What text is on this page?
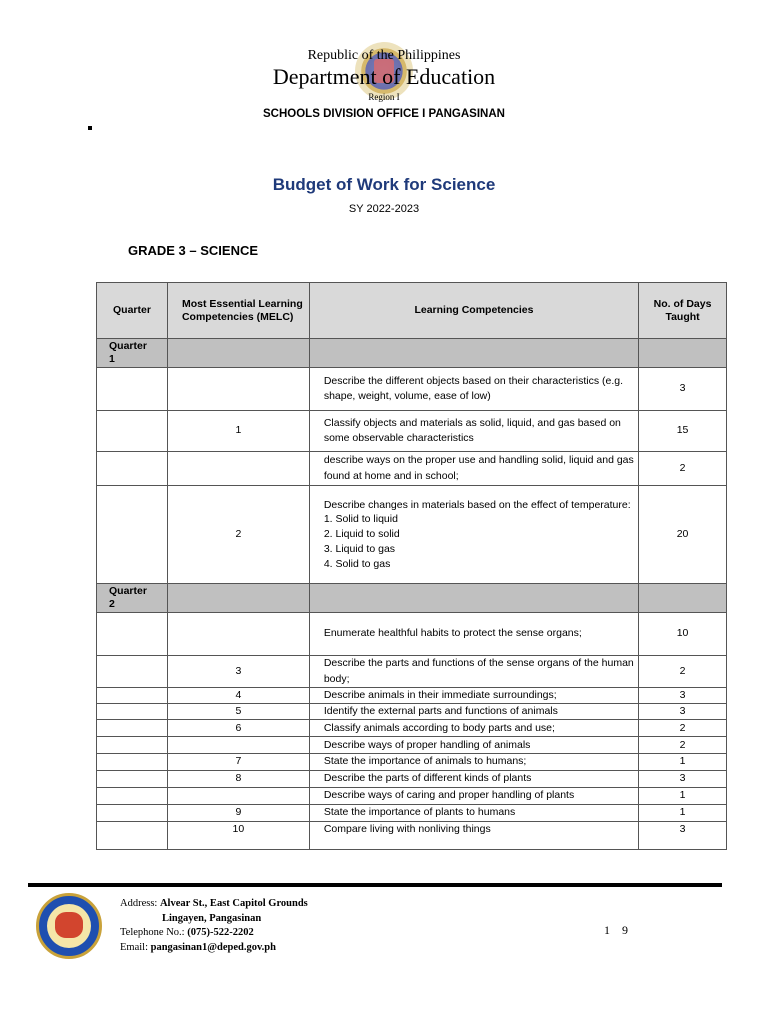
Republic of the Philippines
Department of Education
Region I
SCHOOLS DIVISION OFFICE I PANGASINAN
Budget of Work for Science
SY 2022-2023
GRADE 3 – SCIENCE
Quarter	Most Essential Learning Competencies (MELC)	Learning Competencies	No. of Days Taught
Quarter 1			
		Describe the different objects based on their characteristics (e.g. shape, weight, volume, ease of low)	3
	1	Classify objects and materials as solid, liquid, and gas based on some observable characteristics	15
		describe ways on the proper use and handling solid, liquid and gas found at home and in school;	2
	2	Describe changes in materials based on the effect of temperature:
1. Solid to liquid
2. Liquid to solid
3. Liquid to gas
4. Solid to gas	20
Quarter 2			
		Enumerate healthful habits to protect the sense organs;	10
	3	Describe the parts and functions of the sense organs of the human body;	2
	4	Describe animals in their immediate surroundings;	3
	5	Identify the external parts and functions of animals	3
	6	Classify animals according to body parts and use;	2
		Describe ways of proper handling of animals	2
	7	State the importance of animals to humans;	1
	8	Describe the parts of different kinds of plants	3
		Describe ways of caring and proper handling of plants	1
	9	State the importance of plants to humans	1
	10	Compare living with nonliving things	3
Address: Alvear St., East Capitol Grounds
Lingayen, Pangasinan
Telephone No.: (075)-522-2202
Email: pangasinan1@deped.gov.ph
19
